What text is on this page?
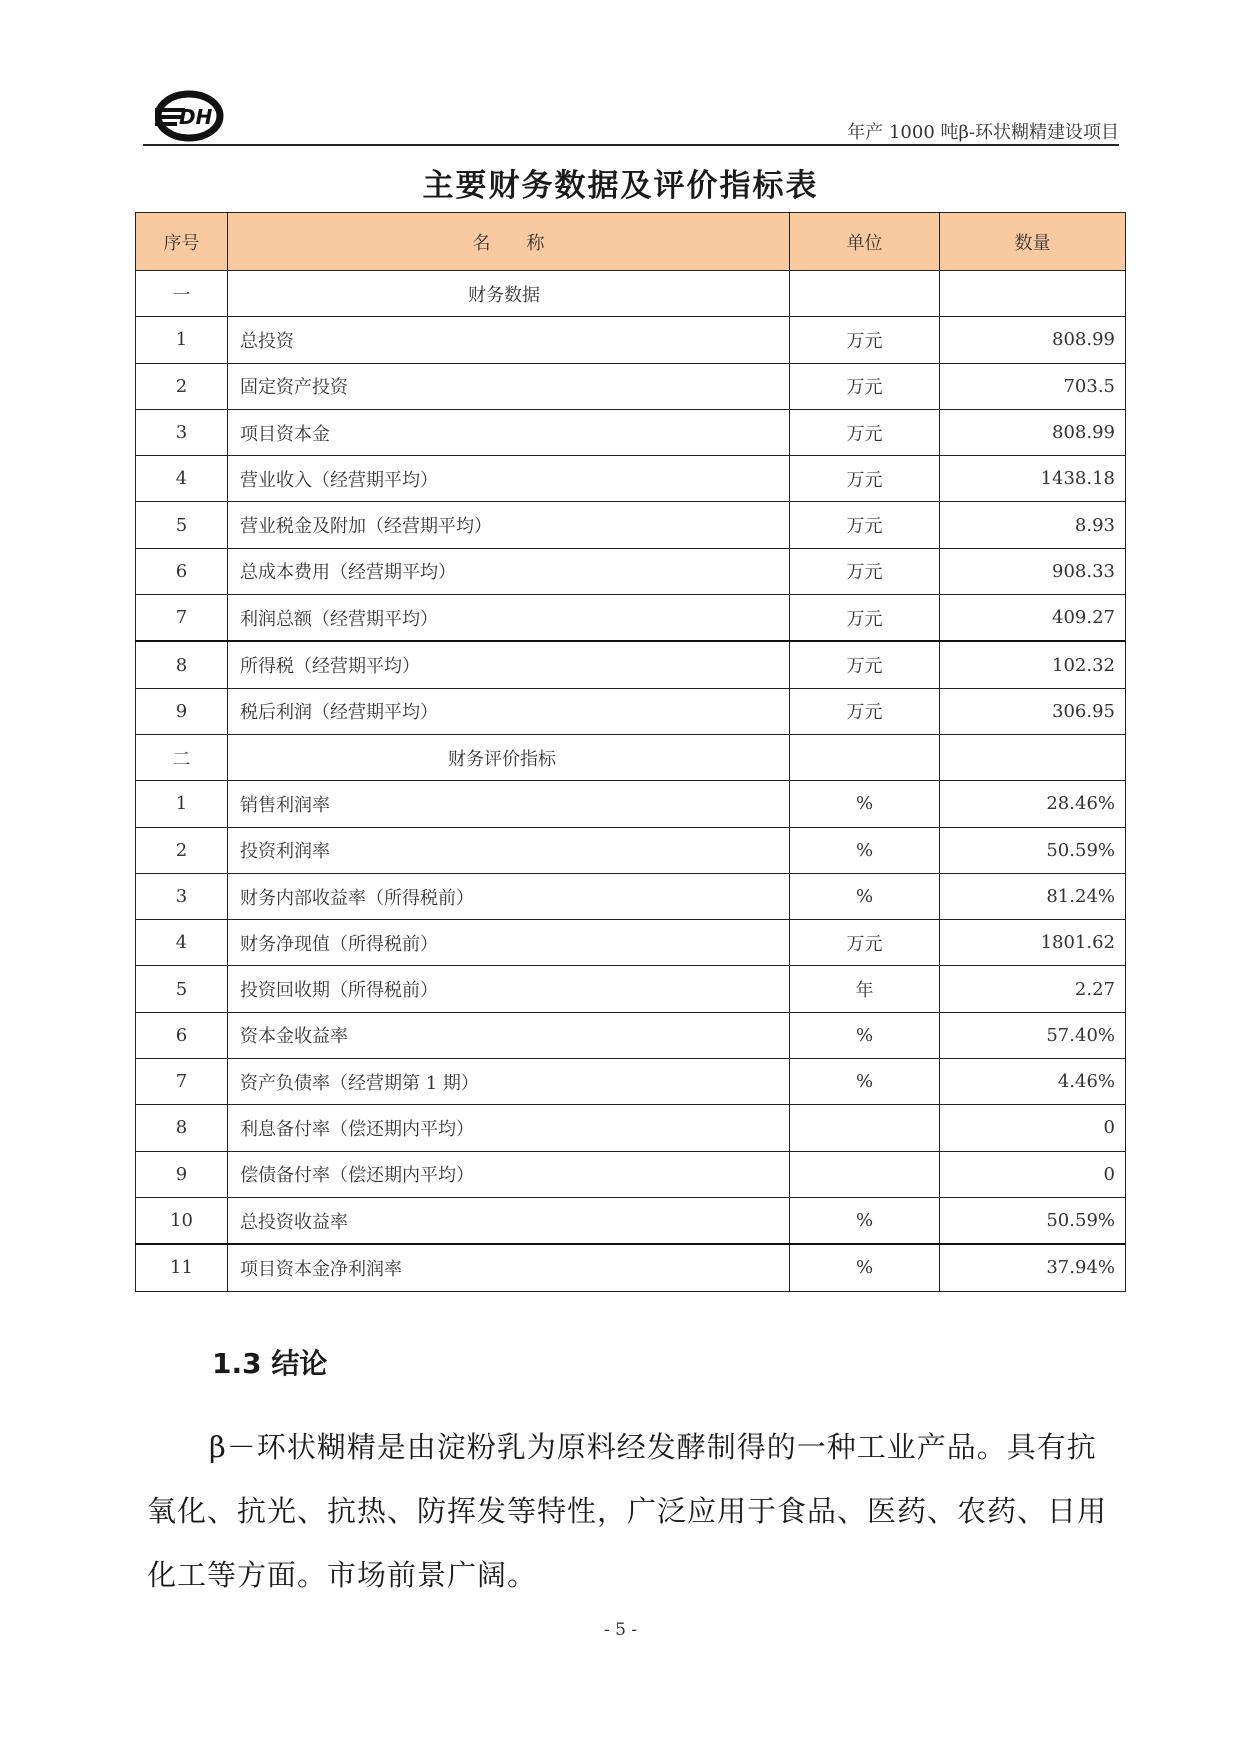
DH
年产 1000 吨β-环状糊精建设项目
主要财务数据及评价指标表
序号	名　　称	单位	数量
一	财务数据		
1	总投资	万元	808.99
2	固定资产投资	万元	703.5
3	项目资本金	万元	808.99
4	营业收入（经营期平均）	万元	1438.18
5	营业税金及附加（经营期平均）	万元	8.93
6	总成本费用（经营期平均）	万元	908.33
7	利润总额（经营期平均）	万元	409.27
8	所得税（经营期平均）	万元	102.32
9	税后利润（经营期平均）	万元	306.95
二	财务评价指标		
1	销售利润率	%	28.46%
2	投资利润率	%	50.59%
3	财务内部收益率（所得税前）	%	81.24%
4	财务净现值（所得税前）	万元	1801.62
5	投资回收期（所得税前）	年	2.27
6	资本金收益率	%	57.40%
7	资产负债率（经营期第 1 期）	%	4.46%
8	利息备付率（偿还期内平均）		0
9	偿债备付率（偿还期内平均）		0
10	总投资收益率	%	50.59%
11	项目资本金净利润率	%	37.94%
1.3 结论
β－环状糊精是由淀粉乳为原料经发酵制得的一种工业产品。具有抗氧化、抗光、抗热、防挥发等特性，广泛应用于食品、医药、农药、日用化工等方面。市场前景广阔。
- 5 -
